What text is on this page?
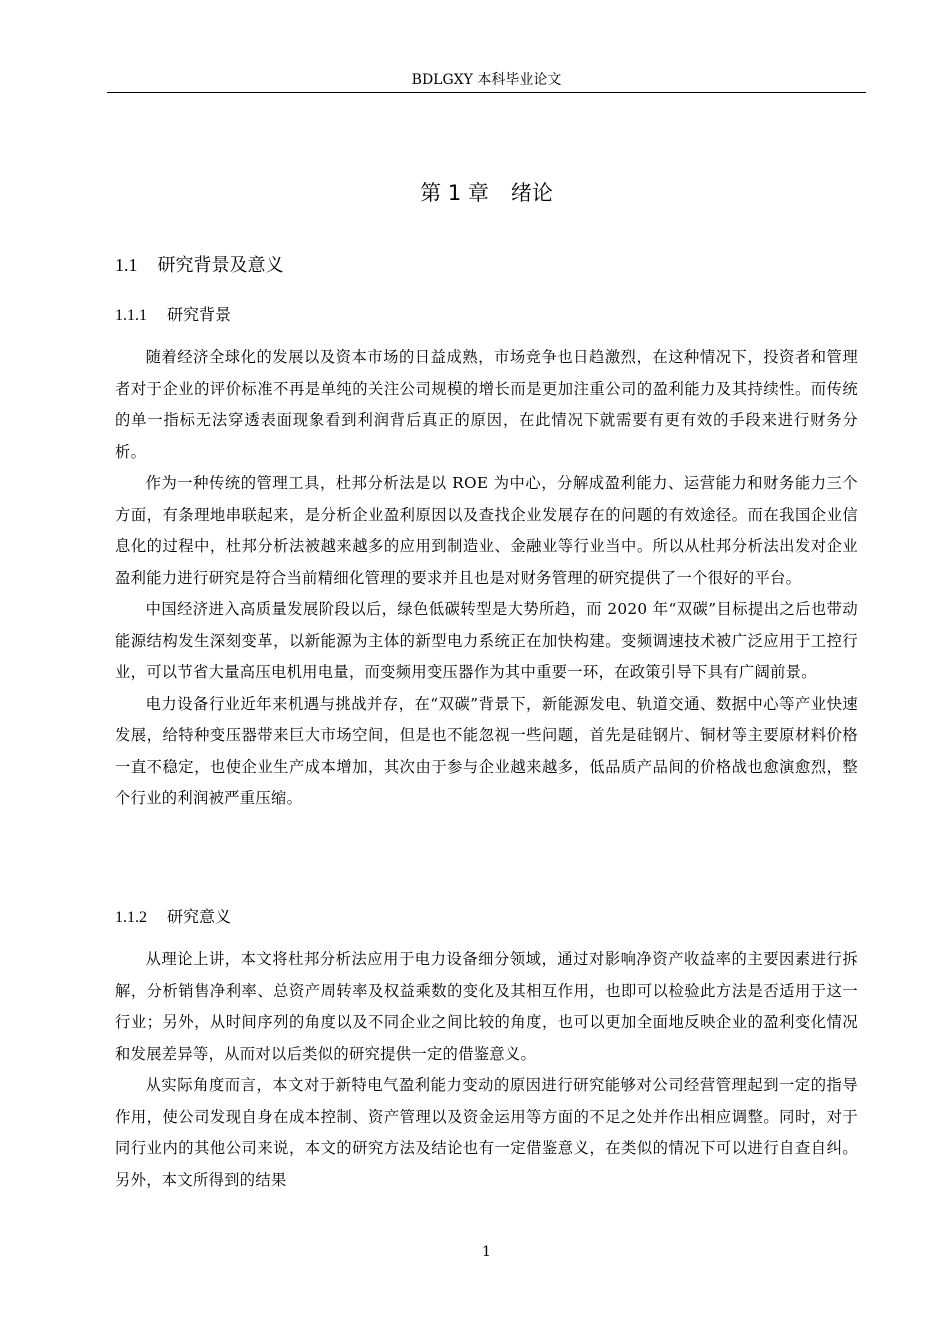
BDLGXY 本科毕业论文
第 1 章 绪论
1.1 研究背景及意义
1.1.1 研究背景

随着经济全球化的发展以及资本市场的日益成熟，市场竞争也日趋激烈，在这种情况下，投资者和管理者对于企业的评价标准不再是单纯的关注公司规模的增长而是更加注重公司的盈利能力及其持续性。而传统的单一指标无法穿透表面现象看到利润背后真正的原因，在此情况下就需要有更有效的手段来进行财务分析。

作为一种传统的管理工具，杜邦分析法是以 ROE 为中心，分解成盈利能力、运营能力和财务能力三个方面，有条理地串联起来，是分析企业盈利原因以及查找企业发展存在的问题的有效途径。而在我国企业信息化的过程中，杜邦分析法被越来越多的应用到制造业、金融业等行业当中。所以从杜邦分析法出发对企业盈利能力进行研究是符合当前精细化管理的要求并且也是对财务管理的研究提供了一个很好的平台。

中国经济进入高质量发展阶段以后，绿色低碳转型是大势所趋，而 2020 年“双碳”目标提出之后也带动能源结构发生深刻变革，以新能源为主体的新型电力系统正在加快构建。变频调速技术被广泛应用于工控行业，可以节省大量高压电机用电量，而变频用变压器作为其中重要一环，在政策引导下具有广阔前景。

电力设备行业近年来机遇与挑战并存，在“双碳”背景下，新能源发电、轨道交通、数据中心等产业快速发展，给特种变压器带来巨大市场空间，但是也不能忽视一些问题，首先是硅钢片、铜材等主要原材料价格一直不稳定，也使企业生产成本增加，其次由于参与企业越来越多，低品质产品间的价格战也愈演愈烈，整个行业的利润被严重压缩。

1.1.2 研究意义

从理论上讲，本文将杜邦分析法应用于电力设备细分领域，通过对影响净资产收益率的主要因素进行拆解，分析销售净利率、总资产周转率及权益乘数的变化及其相互作用，也即可以检验此方法是否适用于这一行业；另外，从时间序列的角度以及不同企业之间比较的角度，也可以更加全面地反映企业的盈利变化情况和发展差异等，从而对以后类似的研究提供一定的借鉴意义。

从实际角度而言，本文对于新特电气盈利能力变动的原因进行研究能够对公司经营管理起到一定的指导作用，使公司发现自身在成本控制、资产管理以及资金运用等方面的不足之处并作出相应调整。同时，对于同行业内的其他公司来说，本文的研究方法及结论也有一定借鉴意义，在类似的情况下可以进行自查自纠。另外，本文所得到的结果

1
